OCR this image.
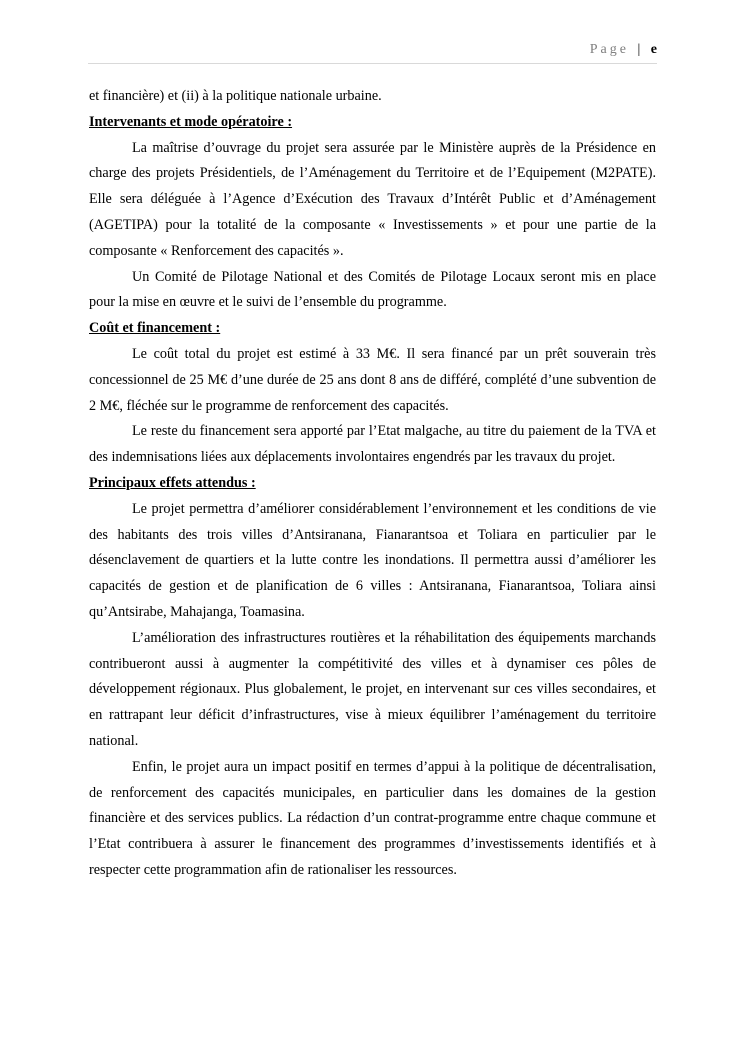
Page | e

et financière) et (ii) à la politique nationale urbaine.

Intervenants et mode opératoire :

La maîtrise d’ouvrage du projet sera assurée par le Ministère auprès de la Présidence en charge des projets Présidentiels, de l’Aménagement du Territoire et de l’Equipement (M2PATE). Elle sera déléguée à l’Agence d’Exécution des Travaux d’Intérêt Public et d’Aménagement (AGETIPA) pour la totalité de la composante « Investissements » et pour une partie de la composante « Renforcement des capacités ».

Un Comité de Pilotage National et des Comités de Pilotage Locaux seront mis en place pour la mise en œuvre et le suivi de l’ensemble du programme.

Coût et financement :

Le coût total du projet est estimé à 33 M€. Il sera financé par un prêt souverain très concessionnel de 25 M€ d’une durée de 25 ans dont 8 ans de différé, complété d’une subvention de 2 M€, fléchée sur le programme de renforcement des capacités.

Le reste du financement sera apporté par l’Etat malgache, au titre du paiement de la TVA et des indemnisations liées aux déplacements involontaires engendrés par les travaux du projet.

Principaux effets attendus :

Le projet permettra d’améliorer considérablement l’environnement et les conditions de vie des habitants des trois villes d’Antsiranana, Fianarantsoa et Toliara en particulier par le désenclavement de quartiers et la lutte contre les inondations. Il permettra aussi d’améliorer les capacités de gestion et de planification de 6 villes : Antsiranana, Fianarantsoa, Toliara ainsi qu’Antsirabe, Mahajanga, Toamasina.

L’amélioration des infrastructures routières et la réhabilitation des équipements marchands contribueront aussi à augmenter la compétitivité des villes et à dynamiser ces pôles de développement régionaux. Plus globalement, le projet, en intervenant sur ces villes secondaires, et en rattrapant leur déficit d’infrastructures, vise à mieux équilibrer l’aménagement du territoire national.

Enfin, le projet aura un impact positif en termes d’appui à la politique de décentralisation, de renforcement des capacités municipales, en particulier dans les domaines de la gestion financière et des services publics. La rédaction d’un contrat-programme entre chaque commune et l’Etat contribuera à assurer le financement des programmes d’investissements identifiés et à respecter cette programmation afin de rationaliser les ressources.
